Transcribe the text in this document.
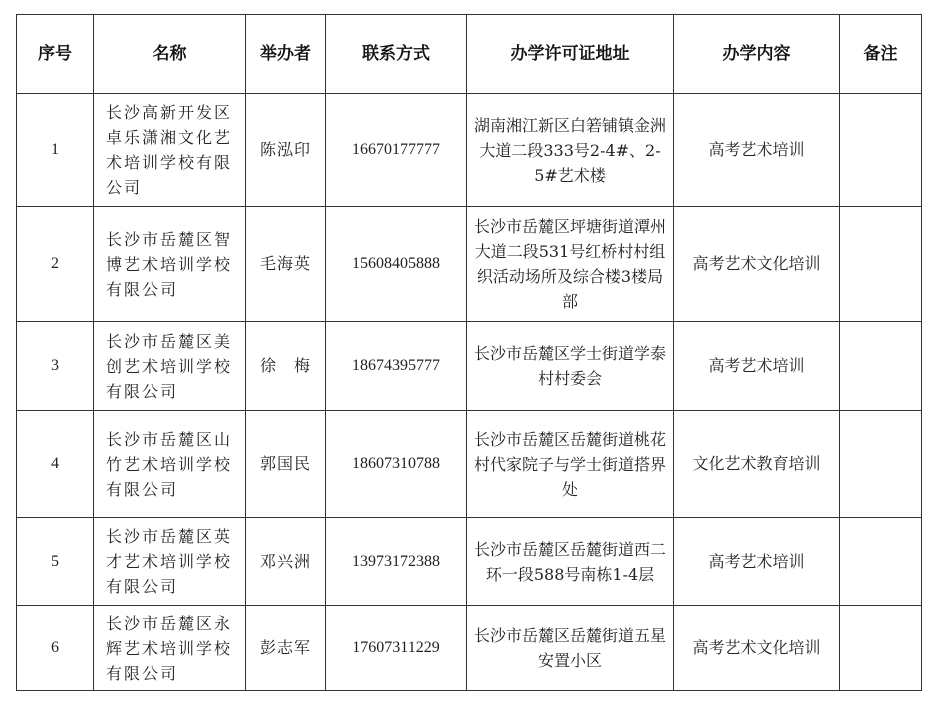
序号	名称	举办者	联系方式	办学许可证地址	办学内容	备注
1	长沙高新开发区卓乐潇湘文化艺术培训学校有限公司	陈泓印	16670177777	湖南湘江新区白箬铺镇金洲大道二段333号2-4#、2-5#艺术楼	高考艺术培训	
2	长沙市岳麓区智博艺术培训学校有限公司	毛海英	15608405888	长沙市岳麓区坪塘街道潭州大道二段531号红桥村村组织活动场所及综合楼3楼局部	高考艺术文化培训	
3	长沙市岳麓区美创艺术培训学校有限公司	徐　梅	18674395777	长沙市岳麓区学士街道学泰村村委会	高考艺术培训	
4	长沙市岳麓区山竹艺术培训学校有限公司	郭国民	18607310788	长沙市岳麓区岳麓街道桃花村代家院子与学士街道搭界处	文化艺术教育培训	
5	长沙市岳麓区英才艺术培训学校有限公司	邓兴洲	13973172388	长沙市岳麓区岳麓街道西二环一段588号南栋1-4层	高考艺术培训	
6	长沙市岳麓区永辉艺术培训学校有限公司	彭志军	17607311229	长沙市岳麓区岳麓街道五星安置小区	高考艺术文化培训	
